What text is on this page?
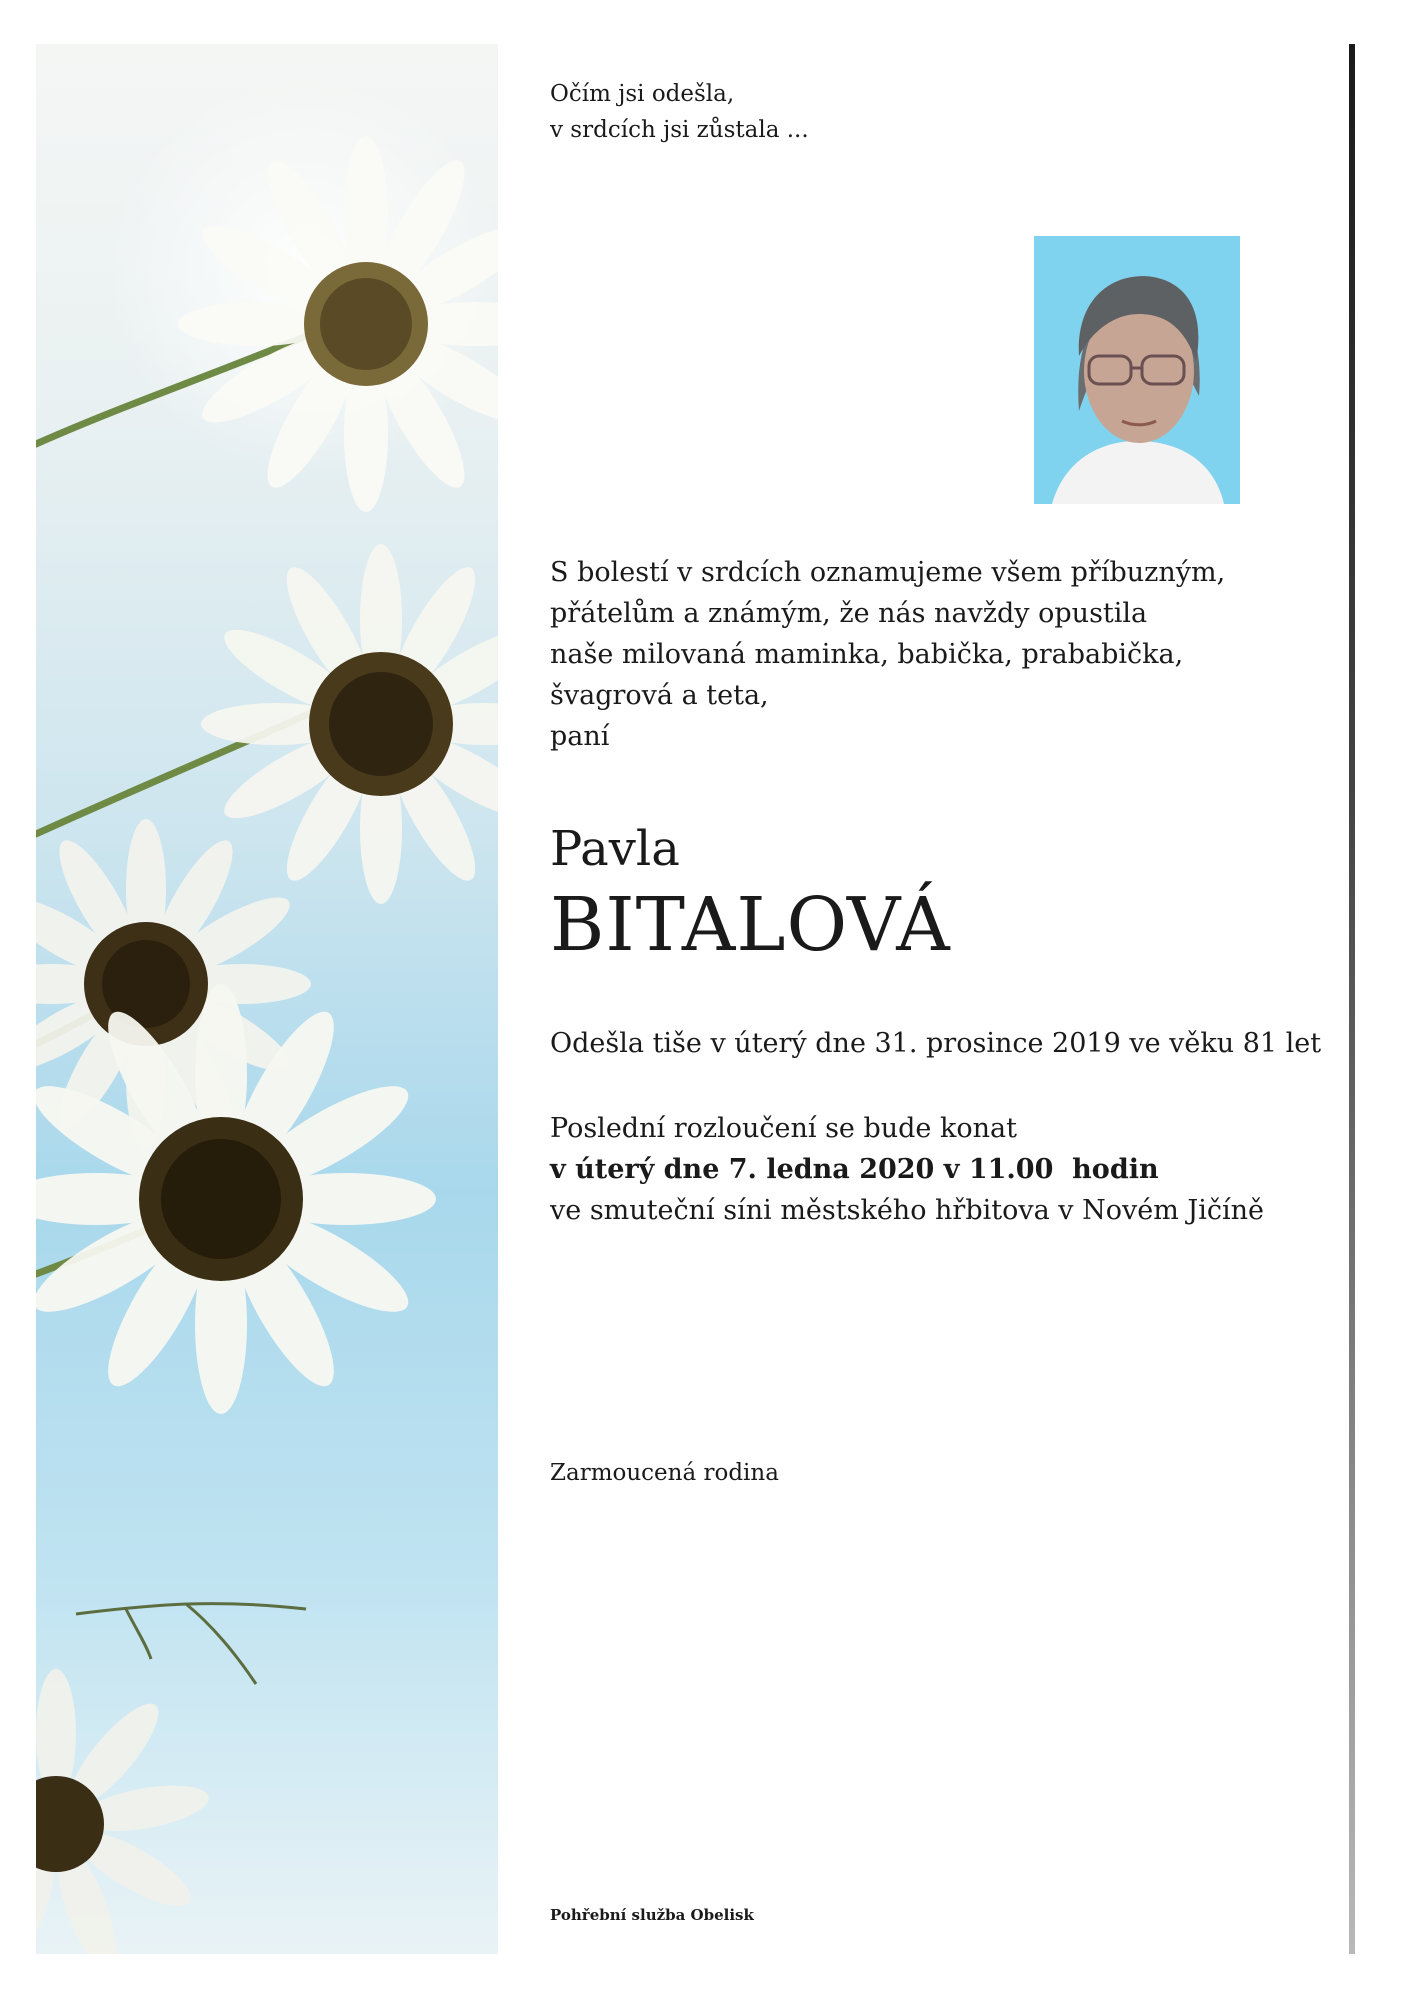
Očím jsi odešla,
v srdcích jsi zůstala ...
S bolestí v srdcích oznamujeme všem příbuzným,
přátelům a známým, že nás navždy opustila
naše milovaná maminka, babička, prababička,
švagrová a teta,
paní
Pavla
BITALOVÁ
Odešla tiše v úterý dne 31. prosince 2019 ve věku 81 let
Poslední rozloučení se bude konat
v úterý dne 7. ledna 2020 v 11.00  hodin
ve smuteční síni městského hřbitova v Novém Jičíně
Zarmoucená rodina
Pohřební služba Obelisk
